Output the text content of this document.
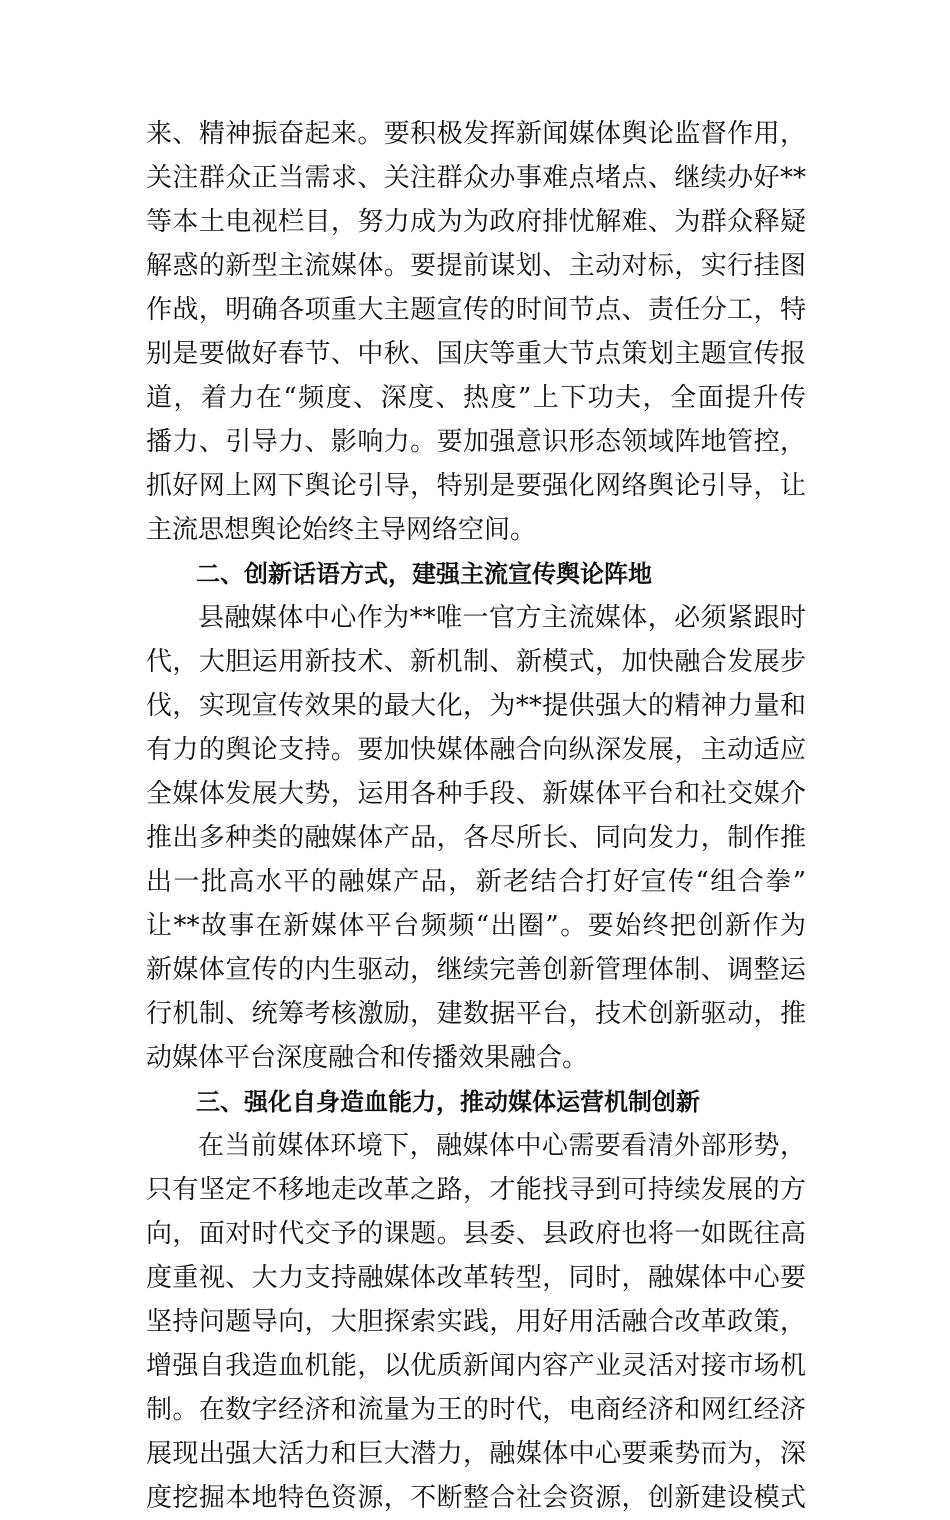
来、精神振奋起来。要积极发挥新闻媒体舆论监督作用，
关注群众正当需求、关注群众办事难点堵点、继续办好**
等本土电视栏目，努力成为为政府排忧解难、为群众释疑
解惑的新型主流媒体。要提前谋划、主动对标，实行挂图
作战，明确各项重大主题宣传的时间节点、责任分工，特
别是要做好春节、中秋、国庆等重大节点策划主题宣传报
道，着力在“频度、深度、热度”上下功夫，全面提升传
播力、引导力、影响力。要加强意识形态领域阵地管控，
抓好网上网下舆论引导，特别是要强化网络舆论引导，让
主流思想舆论始终主导网络空间。
二、创新话语方式，建强主流宣传舆论阵地
县融媒体中心作为**唯一官方主流媒体，必须紧跟时
代，大胆运用新技术、新机制、新模式，加快融合发展步
伐，实现宣传效果的最大化，为**提供强大的精神力量和
有力的舆论支持。要加快媒体融合向纵深发展，主动适应
全媒体发展大势，运用各种手段、新媒体平台和社交媒介
推出多种类的融媒体产品，各尽所长、同向发力，制作推
出一批高水平的融媒产品，新老结合打好宣传“组合拳”
让**故事在新媒体平台频频“出圈”。要始终把创新作为
新媒体宣传的内生驱动，继续完善创新管理体制、调整运
行机制、统筹考核激励，建数据平台，技术创新驱动，推
动媒体平台深度融合和传播效果融合。
三、强化自身造血能力，推动媒体运营机制创新
在当前媒体环境下，融媒体中心需要看清外部形势，
只有坚定不移地走改革之路，才能找寻到可持续发展的方
向，面对时代交予的课题。县委、县政府也将一如既往高
度重视、大力支持融媒体改革转型，同时，融媒体中心要
坚持问题导向，大胆探索实践，用好用活融合改革政策，
增强自我造血机能，以优质新闻内容产业灵活对接市场机
制。在数字经济和流量为王的时代，电商经济和网红经济
展现出强大活力和巨大潜力，融媒体中心要乘势而为，深
度挖掘本地特色资源，不断整合社会资源，创新建设模式
